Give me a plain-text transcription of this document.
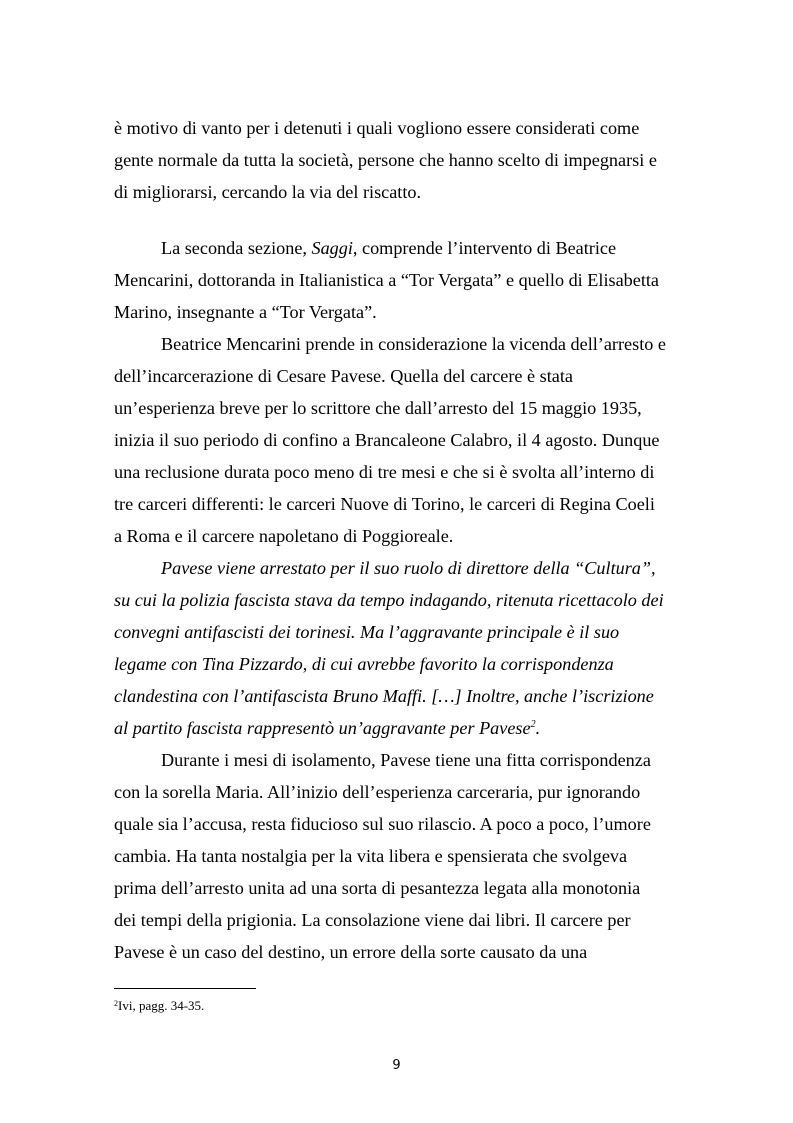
è motivo di vanto per i detenuti i quali vogliono essere considerati come

gente normale da tutta la società, persone che hanno scelto di impegnarsi e

di migliorarsi, cercando la via del riscatto.

La seconda sezione, Saggi, comprende l’intervento di Beatrice

Mencarini, dottoranda in Italianistica a “Tor Vergata” e quello di Elisabetta

Marino, insegnante a “Tor Vergata”.

Beatrice Mencarini prende in considerazione la vicenda dell’arresto e

dell’incarcerazione di Cesare Pavese. Quella del carcere è stata

un’esperienza breve per lo scrittore che dall’arresto del 15 maggio 1935,

inizia il suo periodo di confino a Brancaleone Calabro, il 4 agosto. Dunque

una reclusione durata poco meno di tre mesi e che si è svolta all’interno di

tre carceri differenti: le carceri Nuove di Torino, le carceri di Regina Coeli

a Roma e il carcere napoletano di Poggioreale.

Pavese viene arrestato per il suo ruolo di direttore della “Cultura”,

su cui la polizia fascista stava da tempo indagando, ritenuta ricettacolo dei

convegni antifascisti dei torinesi. Ma l’aggravante principale è il suo

legame con Tina Pizzardo, di cui avrebbe favorito la corrispondenza

clandestina con l’antifascista Bruno Maffi. […] Inoltre, anche l’iscrizione

al partito fascista rappresentò un’aggravante per Pavese$^2$.

Durante i mesi di isolamento, Pavese tiene una fitta corrispondenza

con la sorella Maria. All’inizio dell’esperienza carceraria, pur ignorando

quale sia l’accusa, resta fiducioso sul suo rilascio. A poco a poco, l’umore

cambia. Ha tanta nostalgia per la vita libera e spensierata che svolgeva

prima dell’arresto unita ad una sorta di pesantezza legata alla monotonia

dei tempi della prigionia. La consolazione viene dai libri. Il carcere per

Pavese è un caso del destino, un errore della sorte causato da una

$^2$Ivi, pagg. 34-35.
9
